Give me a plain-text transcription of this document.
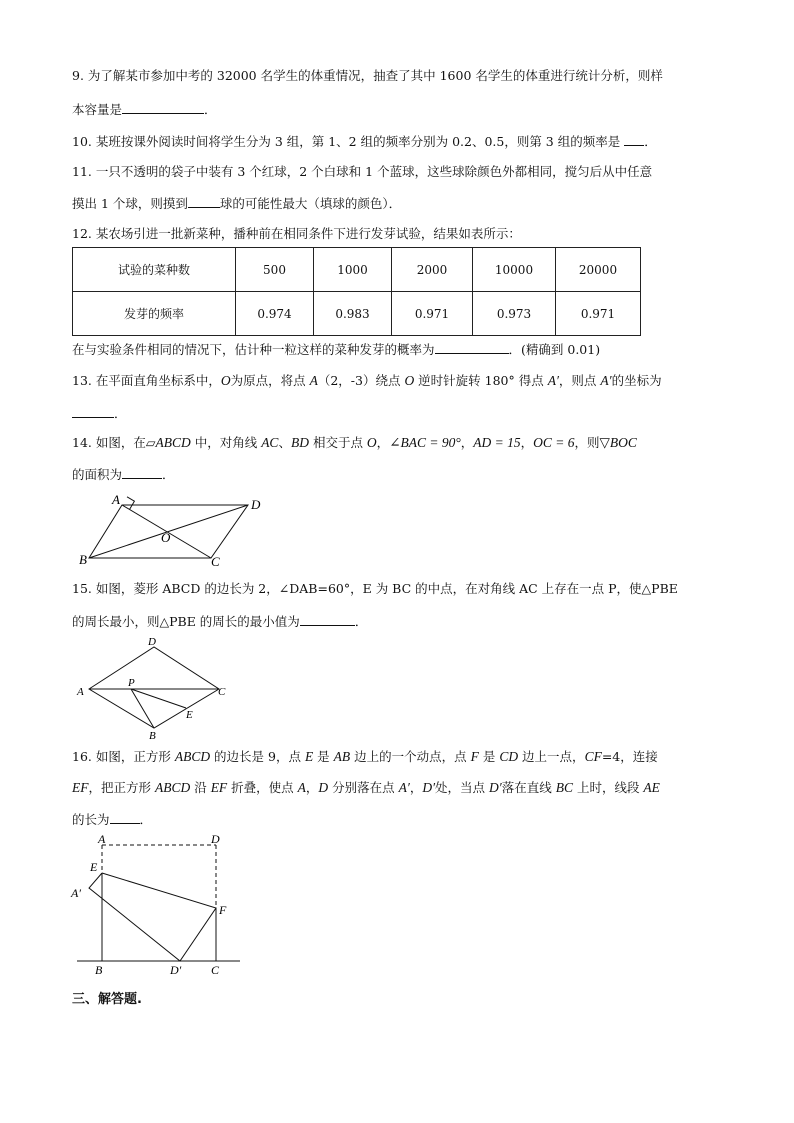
9. 为了解某市参加中考的 32000 名学生的体重情况，抽查了其中 1600 名学生的体重进行统计分析，则样
本容量是	．
10. 某班按课外阅读时间将学生分为 3 组，第 1、2 组的频率分别为 0.2、0.5，则第 3 组的频率是 ．
11. 一只不透明的袋子中装有 3 个红球，2 个白球和 1 个蓝球，这些球除颜色外都相同，搅匀后从中任意
摸出 1 个球，则摸到	球的可能性最大（填球的颜色）．
12. 某农场引进一批新菜种，播种前在相同条件下进行发芽试验，结果如表所示：
试验的菜种数	500	1000	2000	10000	20000
发芽的频率	0.974	0.983	0.971	0.973	0.971
在与实验条件相同的情况下，估计种一粒这样的菜种发芽的概率为	．(精确到 0.01)
13. 在平面直角坐标系中，O为原点，将点 A（2，-3）绕点 O 逆时针旋转 180° 得点 A′，则点 A′的坐标为
．
14. 如图，在▱ABCD 中，对角线 AC、BD 相交于点 O，∠BAC = 90°，AD = 15，OC = 6，则▽BOC
的面积为	．
A	D
B	C
O
15. 如图，菱形 ABCD 的边长为 2，∠DAB=60°，E 为 BC 的中点，在对角线 AC 上存在一点 P，使△PBE
的周长最小，则△PBE 的周长的最小值为	．
D
A	C
P
E
B
16. 如图，正方形 ABCD 的边长是 9，点 E 是 AB 边上的一个动点，点 F 是 CD 边上一点，CF=4，连接
EF，把正方形 ABCD 沿 EF 折叠，使点 A，D 分别落在点 A′，D′处，当点 D′落在直线 BC 上时，线段 AE
的长为 ．
A	D
E
A′
F
B	D′ C
三、解答题.
